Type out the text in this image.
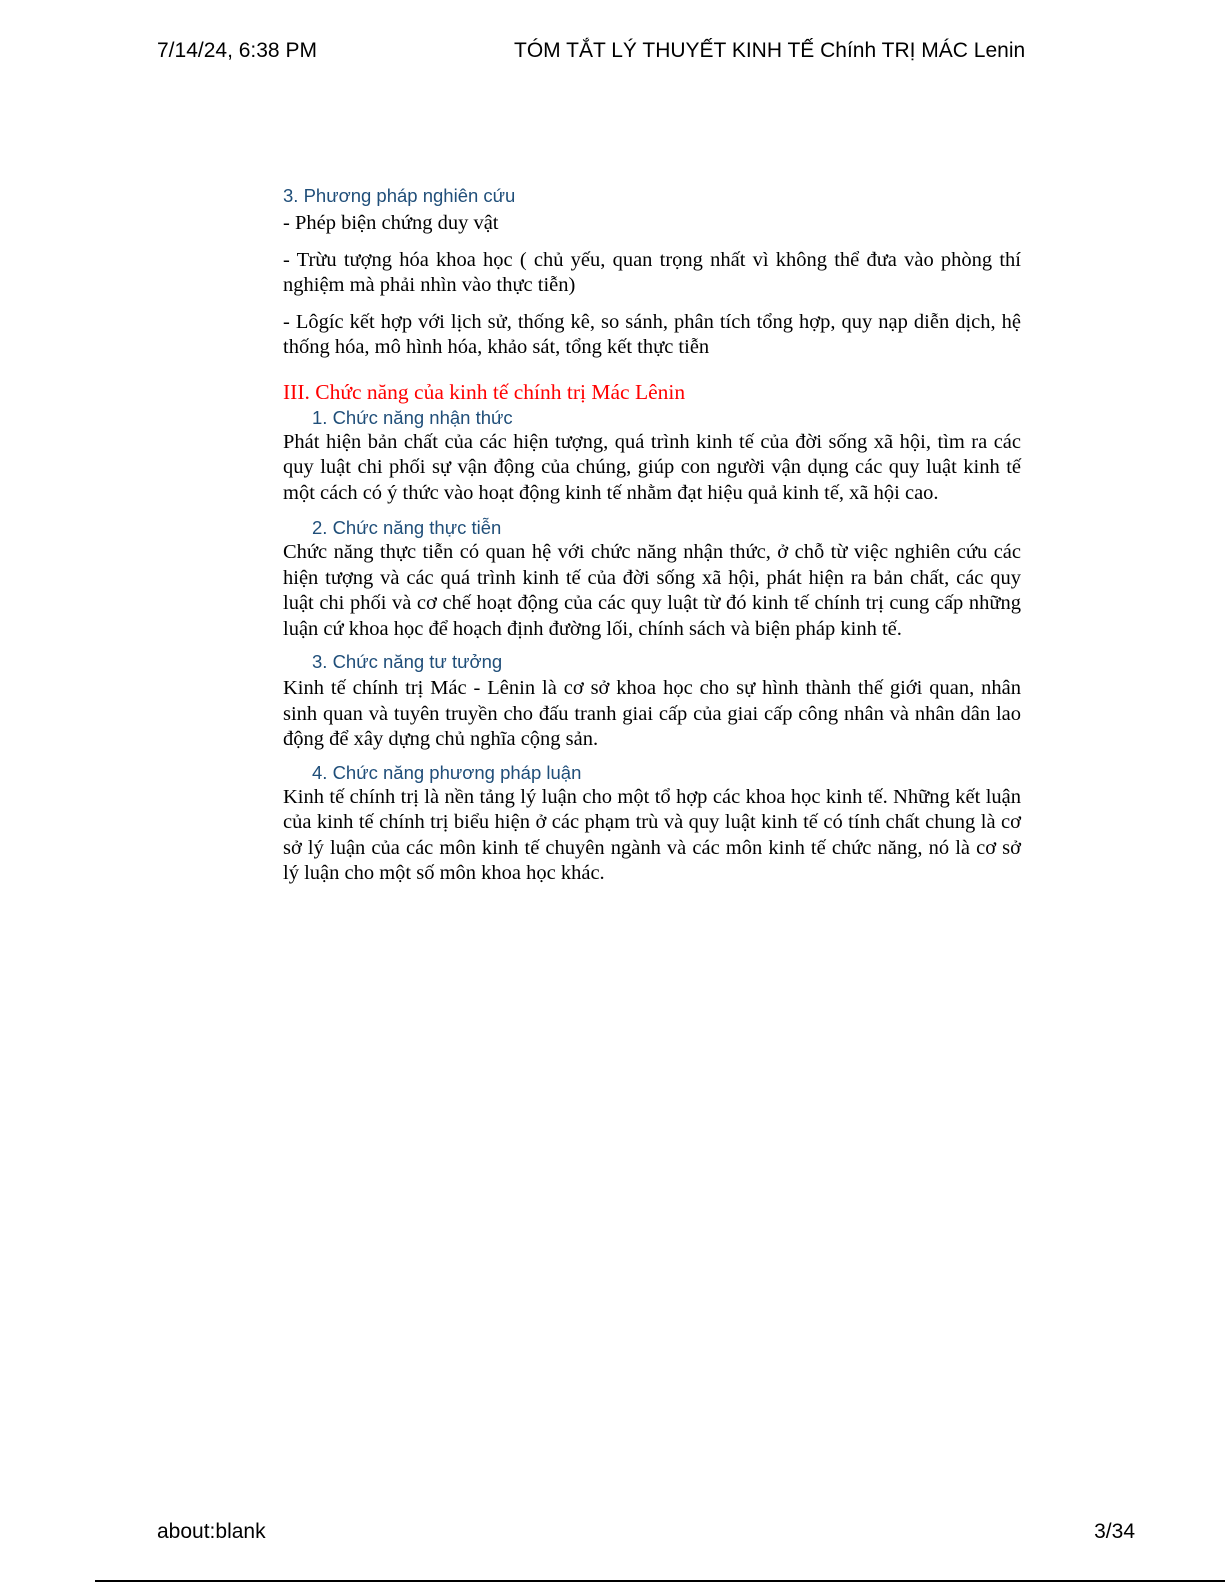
7/14/24, 6:38 PM	TÓM TẮT LÝ THUYẾT KINH TẾ Chính TRỊ MÁC Lenin

3. Phương pháp nghiên cứu

- Phép biện chứng duy vật

- Trừu tượng hóa khoa học ( chủ yếu, quan trọng nhất vì không thể đưa vào phòng thí nghiệm mà phải nhìn vào thực tiễn)

- Lôgíc kết hợp với lịch sử, thống kê, so sánh, phân tích tổng hợp, quy nạp diễn dịch, hệ thống hóa, mô hình hóa, khảo sát, tổng kết thực tiễn

III. Chức năng của kinh tế chính trị Mác Lênin

1. Chức năng nhận thức

Phát hiện bản chất của các hiện tượng, quá trình kinh tế của đời sống xã hội, tìm ra các quy luật chi phối sự vận động của chúng, giúp con người vận dụng các quy luật kinh tế một cách có ý thức vào hoạt động kinh tế nhằm đạt hiệu quả kinh tế, xã hội cao.

2. Chức năng thực tiễn

Chức năng thực tiễn có quan hệ với chức năng nhận thức, ở chỗ từ việc nghiên cứu các hiện tượng và các quá trình kinh tế của đời sống xã hội, phát hiện ra bản chất, các quy luật chi phối và cơ chế hoạt động của các quy luật từ đó kinh tế chính trị cung cấp những luận cứ khoa học để hoạch định đường lối, chính sách và biện pháp kinh tế.

3. Chức năng tư tưởng

Kinh tế chính trị Mác - Lênin là cơ sở khoa học cho sự hình thành thế giới quan, nhân sinh quan và tuyên truyền cho đấu tranh giai cấp của giai cấp công nhân và nhân dân lao động để xây dựng chủ nghĩa cộng sản.

4. Chức năng phương pháp luận

Kinh tế chính trị là nền tảng lý luận cho một tổ hợp các khoa học kinh tế. Những kết luận của kinh tế chính trị biểu hiện ở các phạm trù và quy luật kinh tế có tính chất chung là cơ sở lý luận của các môn kinh tế chuyên ngành và các môn kinh tế chức năng, nó là cơ sở lý luận cho một số môn khoa học khác.

about:blank	3/34
